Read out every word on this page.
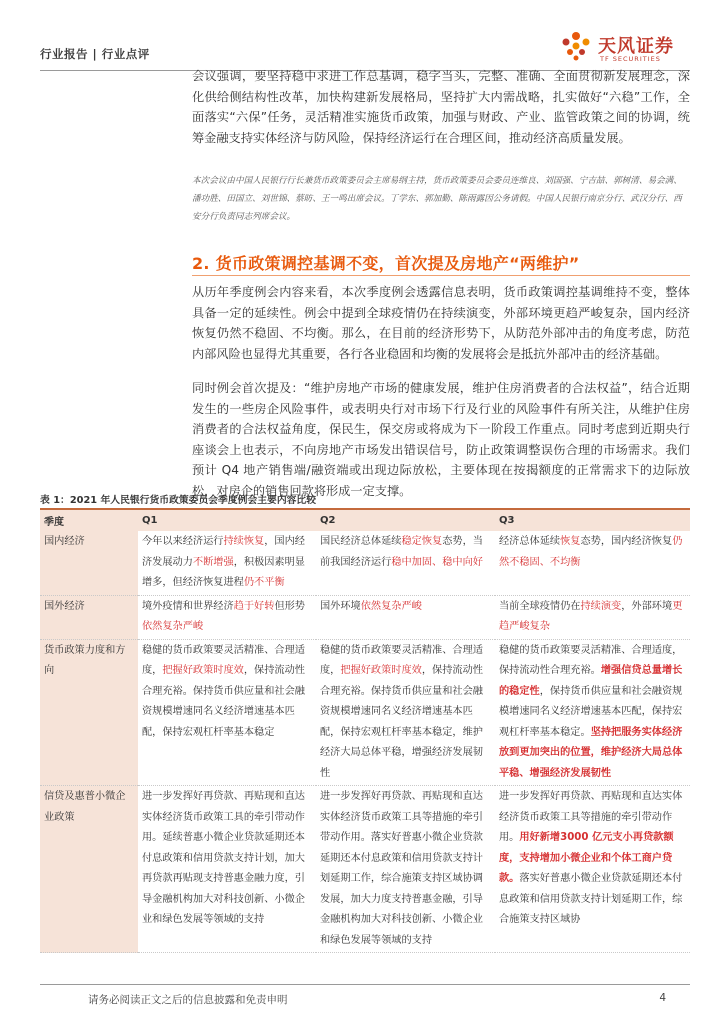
行业报告 | 行业点评	天风证券
TF SECURITIES

会议强调，要坚持稳中求进工作总基调，稳字当头，完整、准确、全面贯彻新发展理念，深化供给侧结构性改革，加快构建新发展格局，坚持扩大内需战略，扎实做好“六稳”工作，全面落实“六保”任务，灵活精准实施货币政策，加强与财政、产业、监管政策之间的协调，统筹金融支持实体经济与防风险，保持经济运行在合理区间，推动经济高质量发展。

本次会议由中国人民银行行长兼货币政策委员会主席易纲主持，货币政策委员会委员连维良、刘国强、宁吉喆、郭树清、易会满、潘功胜、田国立、刘世锦、蔡昉、王一鸣出席会议。丁学东、郭加勤、陈雨露因公务请假。中国人民银行南京分行、武汉分行、西安分行负责同志列席会议。

2. 货币政策调控基调不变，首次提及房地产“两维护”

从历年季度例会内容来看，本次季度例会透露信息表明，货币政策调控基调维持不变，整体具备一定的延续性。例会中提到全球疫情仍在持续演变，外部环境更趋严峻复杂，国内经济恢复仍然不稳固、不均衡。那么，在目前的经济形势下，从防范外部冲击的角度考虑，防范内部风险也显得尤其重要，各行各业稳固和均衡的发展将会是抵抗外部冲击的经济基础。

同时例会首次提及：“维护房地产市场的健康发展，维护住房消费者的合法权益”，结合近期发生的一些房企风险事件，或表明央行对市场下行及行业的风险事件有所关注，从维护住房消费者的合法权益角度，保民生，保交房或将成为下一阶段工作重点。同时考虑到近期央行座谈会上也表示，不向房地产市场发出错误信号，防止政策调整误伤合理的市场需求。我们预计 Q4 地产销售端/融资端或出现边际放松，主要体现在按揭额度的正常需求下的边际放松，对房企的销售回款将形成一定支撑。

表 1：2021 年人民银行货币政策委员会季度例会主要内容比较
季度	Q1	Q2	Q3
国内经济	今年以来经济运行持续恢复，国内经济发展动力不断增强，积极因素明显增多，但经济恢复进程仍不平衡	国民经济总体延续稳定恢复态势，当前我国经济运行稳中加固、稳中向好	经济总体延续恢复态势，国内经济恢复仍然不稳固、不均衡
国外经济	境外疫情和世界经济趋于好转但形势依然复杂严峻	国外环境依然复杂严峻	当前全球疫情仍在持续演变，外部环境更趋严峻复杂
货币政策力度和方向	稳健的货币政策要灵活精准、合理适度，把握好政策时度效，保持流动性合理充裕。保持货币供应量和社会融资规模增速同名义经济增速基本匹配，保持宏观杠杆率基本稳定	稳健的货币政策要灵活精准、合理适度，把握好政策时度效，保持流动性合理充裕。保持货币供应量和社会融资规模增速同名义经济增速基本匹配，保持宏观杠杆率基本稳定，维护经济大局总体平稳，增强经济发展韧性	稳健的货币政策要灵活精准、合理适度，保持流动性合理充裕。增强信贷总量增长的稳定性，保持货币供应量和社会融资规模增速同名义经济增速基本匹配，保持宏观杠杆率基本稳定。坚持把服务实体经济放到更加突出的位置，维护经济大局总体平稳、增强经济发展韧性
信贷及惠普小微企业政策	进一步发挥好再贷款、再贴现和直达实体经济货币政策工具的牵引带动作用。延续普惠小微企业贷款延期还本付息政策和信用贷款支持计划，加大再贷款再贴现支持普惠金融力度，引导金融机构加大对科技创新、小微企业和绿色发展等领域的支持	进一步发挥好再贷款、再贴现和直达实体经济货币政策工具等措施的牵引带动作用。落实好普惠小微企业贷款延期还本付息政策和信用贷款支持计划延期工作，综合施策支持区域协调发展，加大力度支持普惠金融，引导金融机构加大对科技创新、小微企业和绿色发展等领域的支持	进一步发挥好再贷款、再贴现和直达实体经济货币政策工具等措施的牵引带动作用。用好新增3000 亿元支小再贷款额度，支持增加小微企业和个体工商户贷款。落实好普惠小微企业贷款延期还本付息政策和信用贷款支持计划延期工作，综合施策支持区域协
请务必阅读正文之后的信息披露和免责申明	4
